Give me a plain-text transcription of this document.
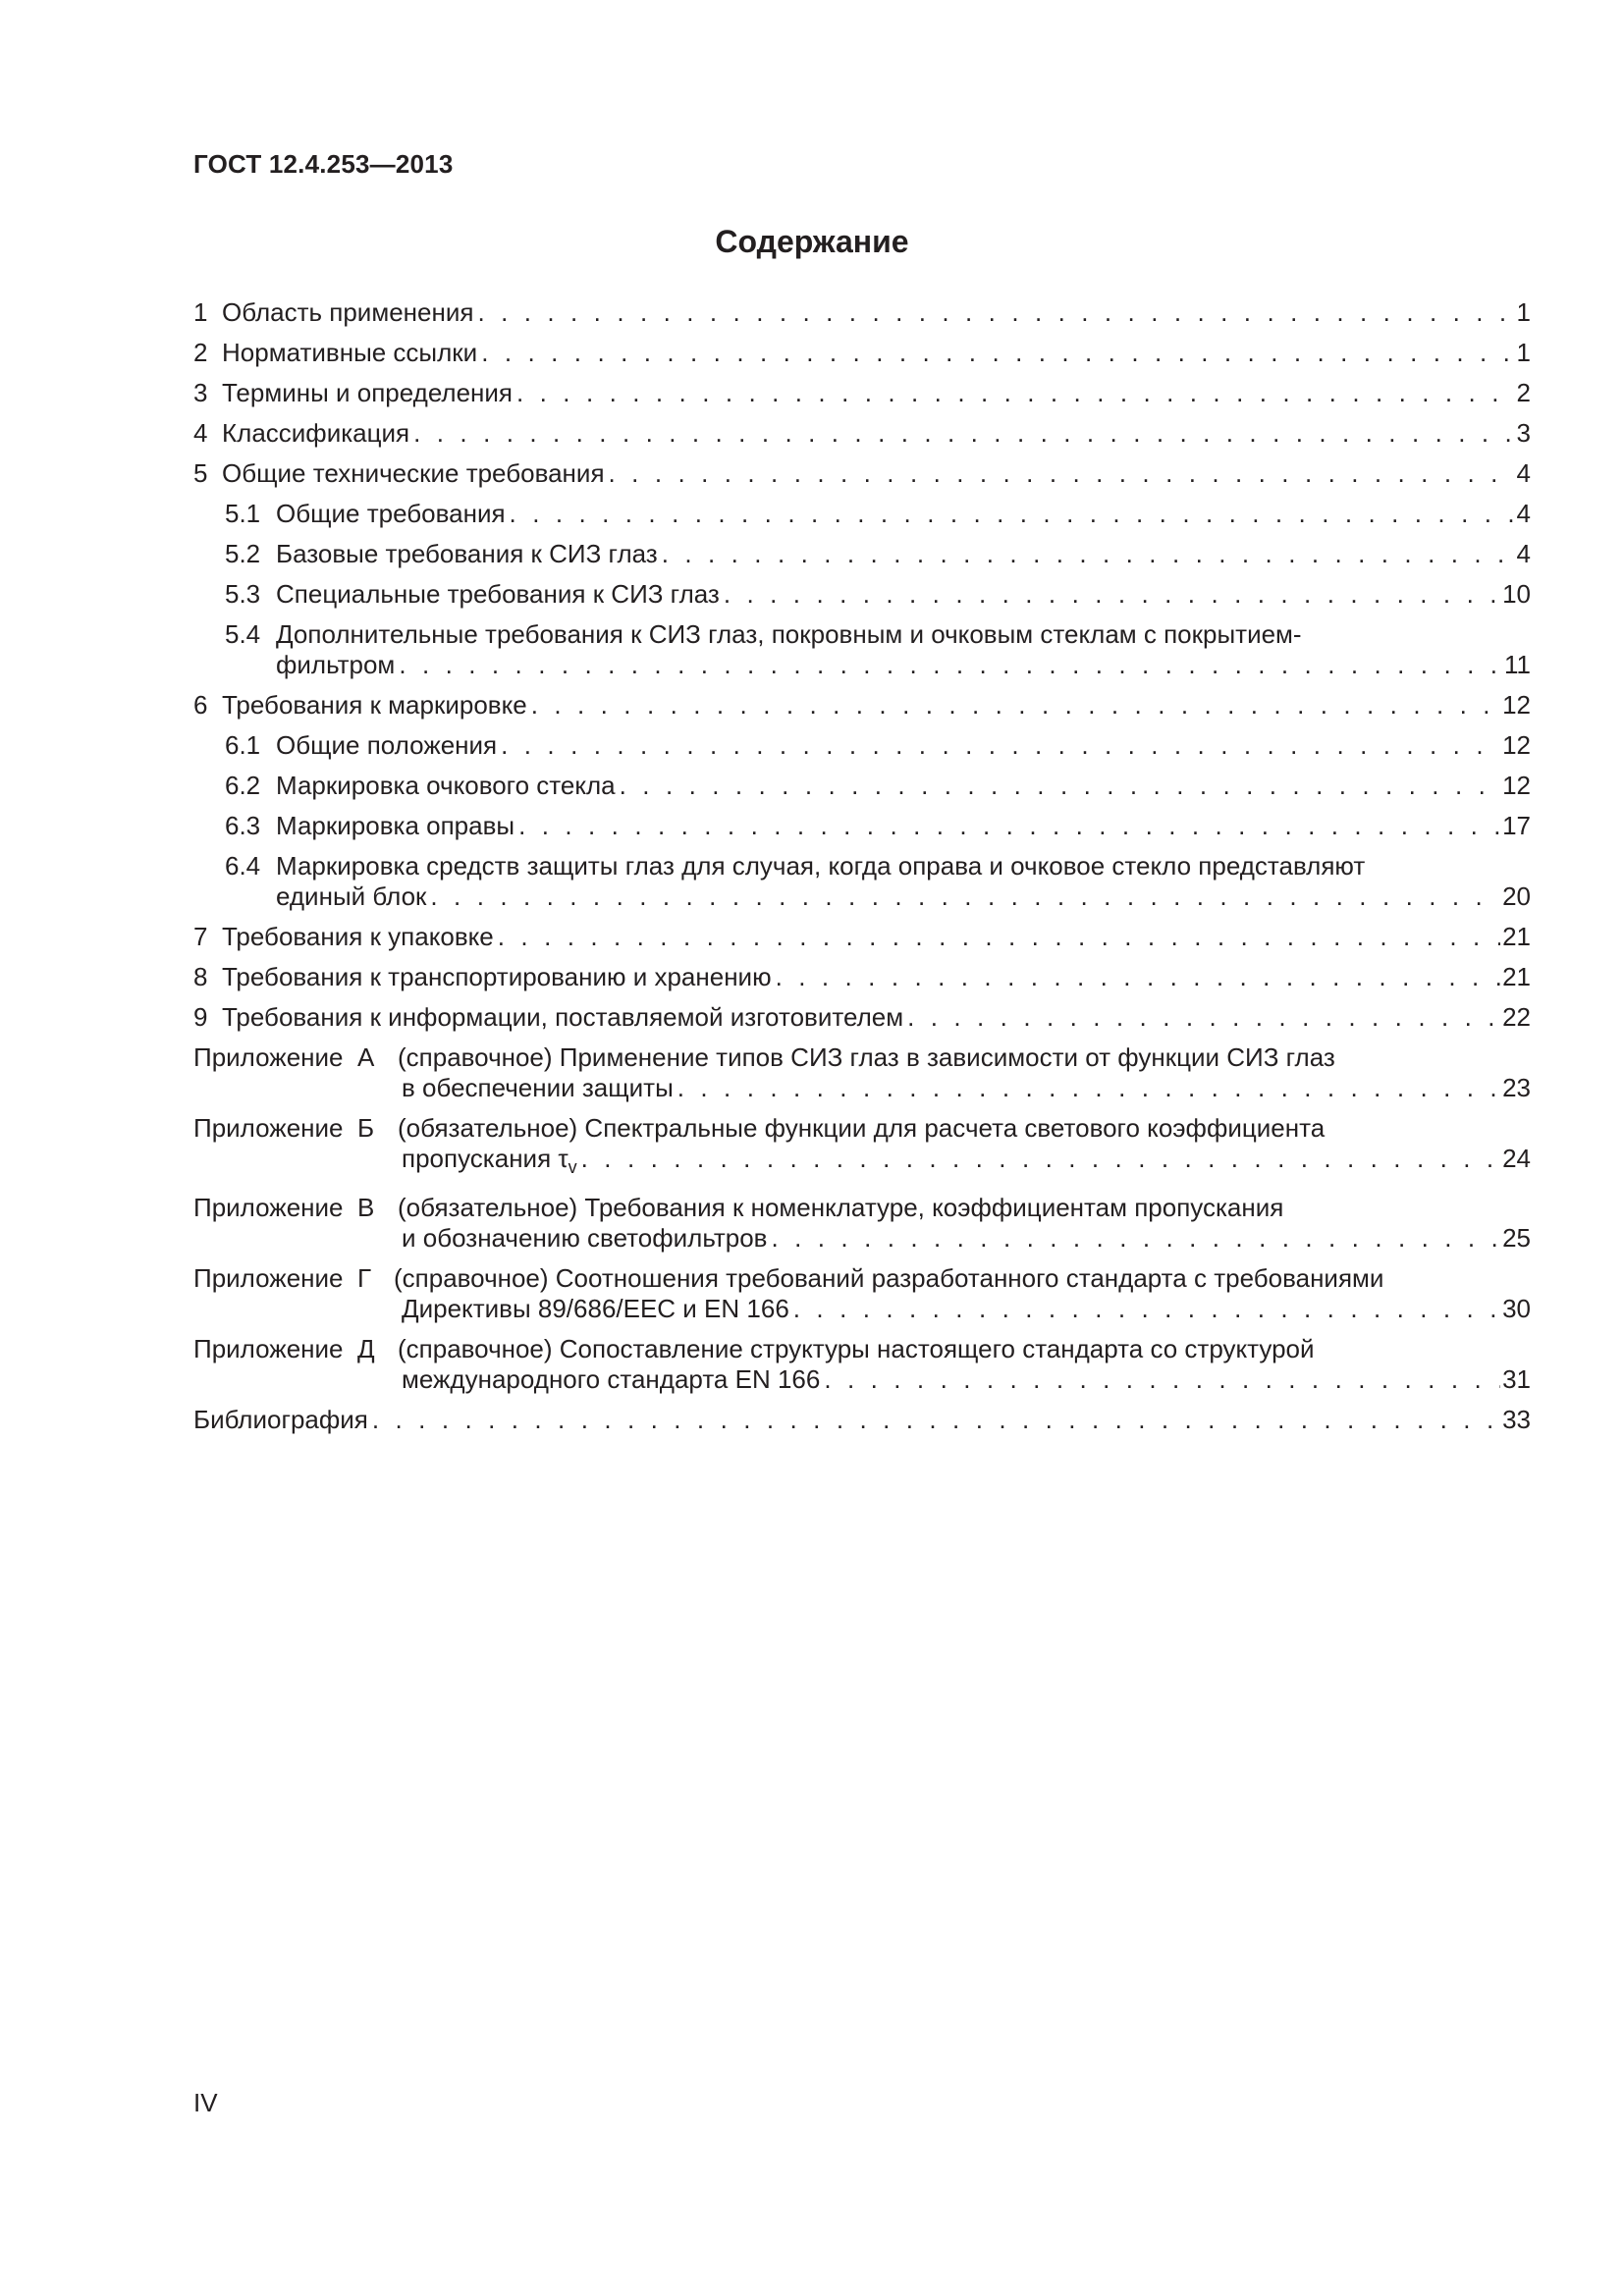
ГОСТ 12.4.253—2013
Содержание
1 Область применения . . .	1
2 Нормативные ссылки . . .	1
3 Термины и определения . . .	2
4 Классификация . . .	3
5 Общие технические требования . . .	4
5.1 Общие требования . . .	4
5.2 Базовые требования к СИЗ глаз . . .	4
5.3 Специальные требования к СИЗ глаз . . .	10
5.4 Дополнительные требования к СИЗ глаз, покровным и очковым стеклам с покрытием-
фильтром . . .	11
6 Требования к маркировке . . .	12
6.1 Общие положения . . .	12
6.2 Маркировка очкового стекла . . .	12
6.3 Маркировка оправы . . .	17
6.4 Маркировка средств защиты глаз для случая, когда оправа и очковое стекло представляют
единый блок . . .	20
7 Требования к упаковке . . .	21
8 Требования к транспортированию и хранению . . .	21
9 Требования к информации, поставляемой изготовителем . . .	22
Приложение  А (справочное) Применение типов СИЗ глаз в зависимости от функции СИЗ глаз
в обеспечении защиты . . .	23
Приложение  Б (обязательное) Спектральные функции для расчета светового коэффициента
пропускания $\tau_v$ . . .	24
Приложение  В (обязательное) Требования к номенклатуре, коэффициентам пропускания
и обозначению светофильтров . . .	25
Приложение  Г (справочное) Соотношения требований разработанного стандарта с требованиями
Директивы 89/686/ЕЕС и EN 166 . . .	30
Приложение  Д (справочное) Сопоставление структуры настоящего стандарта со структурой
международного стандарта EN 166 . . .	31
Библиография . . .	33
IV
